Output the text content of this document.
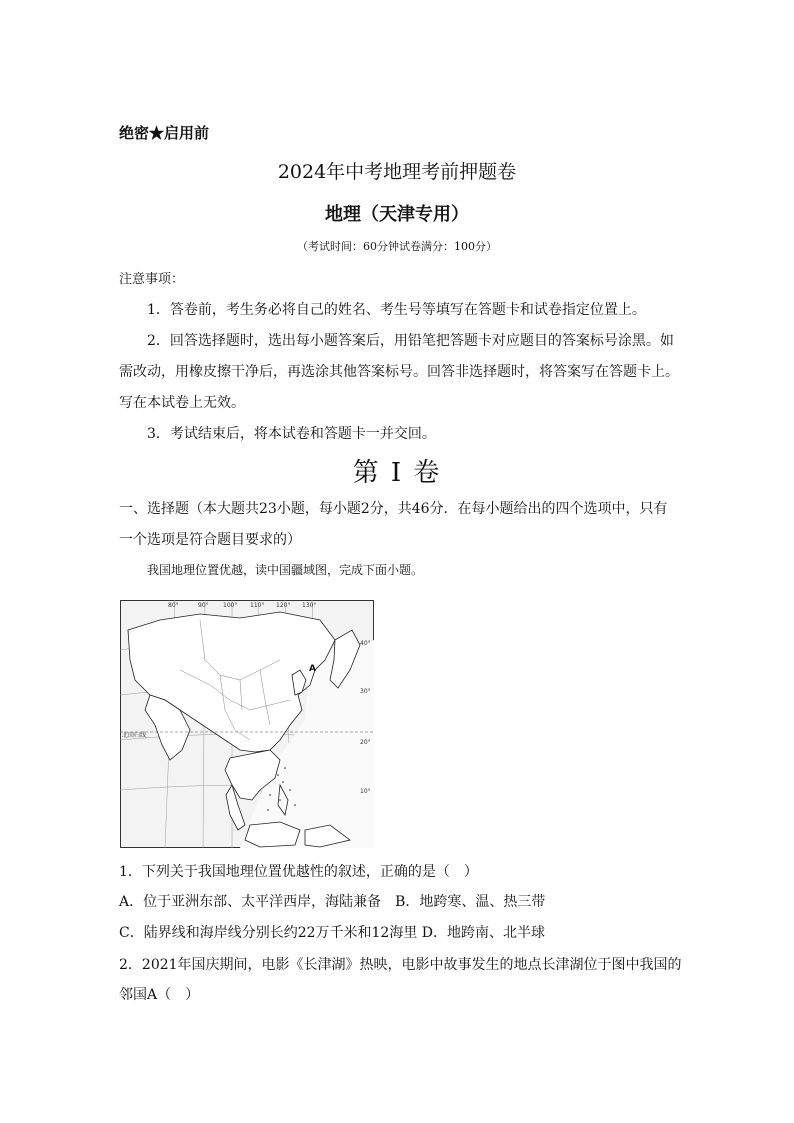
绝密★启用前
2024年中考地理考前押题卷
地理（天津专用）
（考试时间：60分钟试卷满分：100分）
注意事项：
1．答卷前，考生务必将自己的姓名、考生号等填写在答题卡和试卷指定位置上。
2．回答选择题时，选出每小题答案后，用铅笔把答题卡对应题目的答案标号涂黑。如需改动，用橡皮擦干净后，再选涂其他答案标号。回答非选择题时，将答案写在答题卡上。写在本试卷上无效。
3．考试结束后，将本试卷和答题卡一并交回。
第 I 卷
一、选择题（本大题共23小题，每小题2分，共46分．在每小题给出的四个选项中，只有一个选项是符合题目要求的）
我国地理位置优越，读中国疆域图，完成下面小题。
80°	90° 100° 110° 120° 130°
40°
30°
20°
10°
北回归线
A
1．下列关于我国地理位置优越性的叙述，正确的是（　）
A．位于亚洲东部、太平洋西岸，海陆兼备　B．地跨寒、温、热三带
C．陆界线和海岸线分别长约22万千米和12海里 D．地跨南、北半球
2．2021年国庆期间，电影《长津湖》热映，电影中故事发生的地点长津湖位于图中我国的邻国A（　）
